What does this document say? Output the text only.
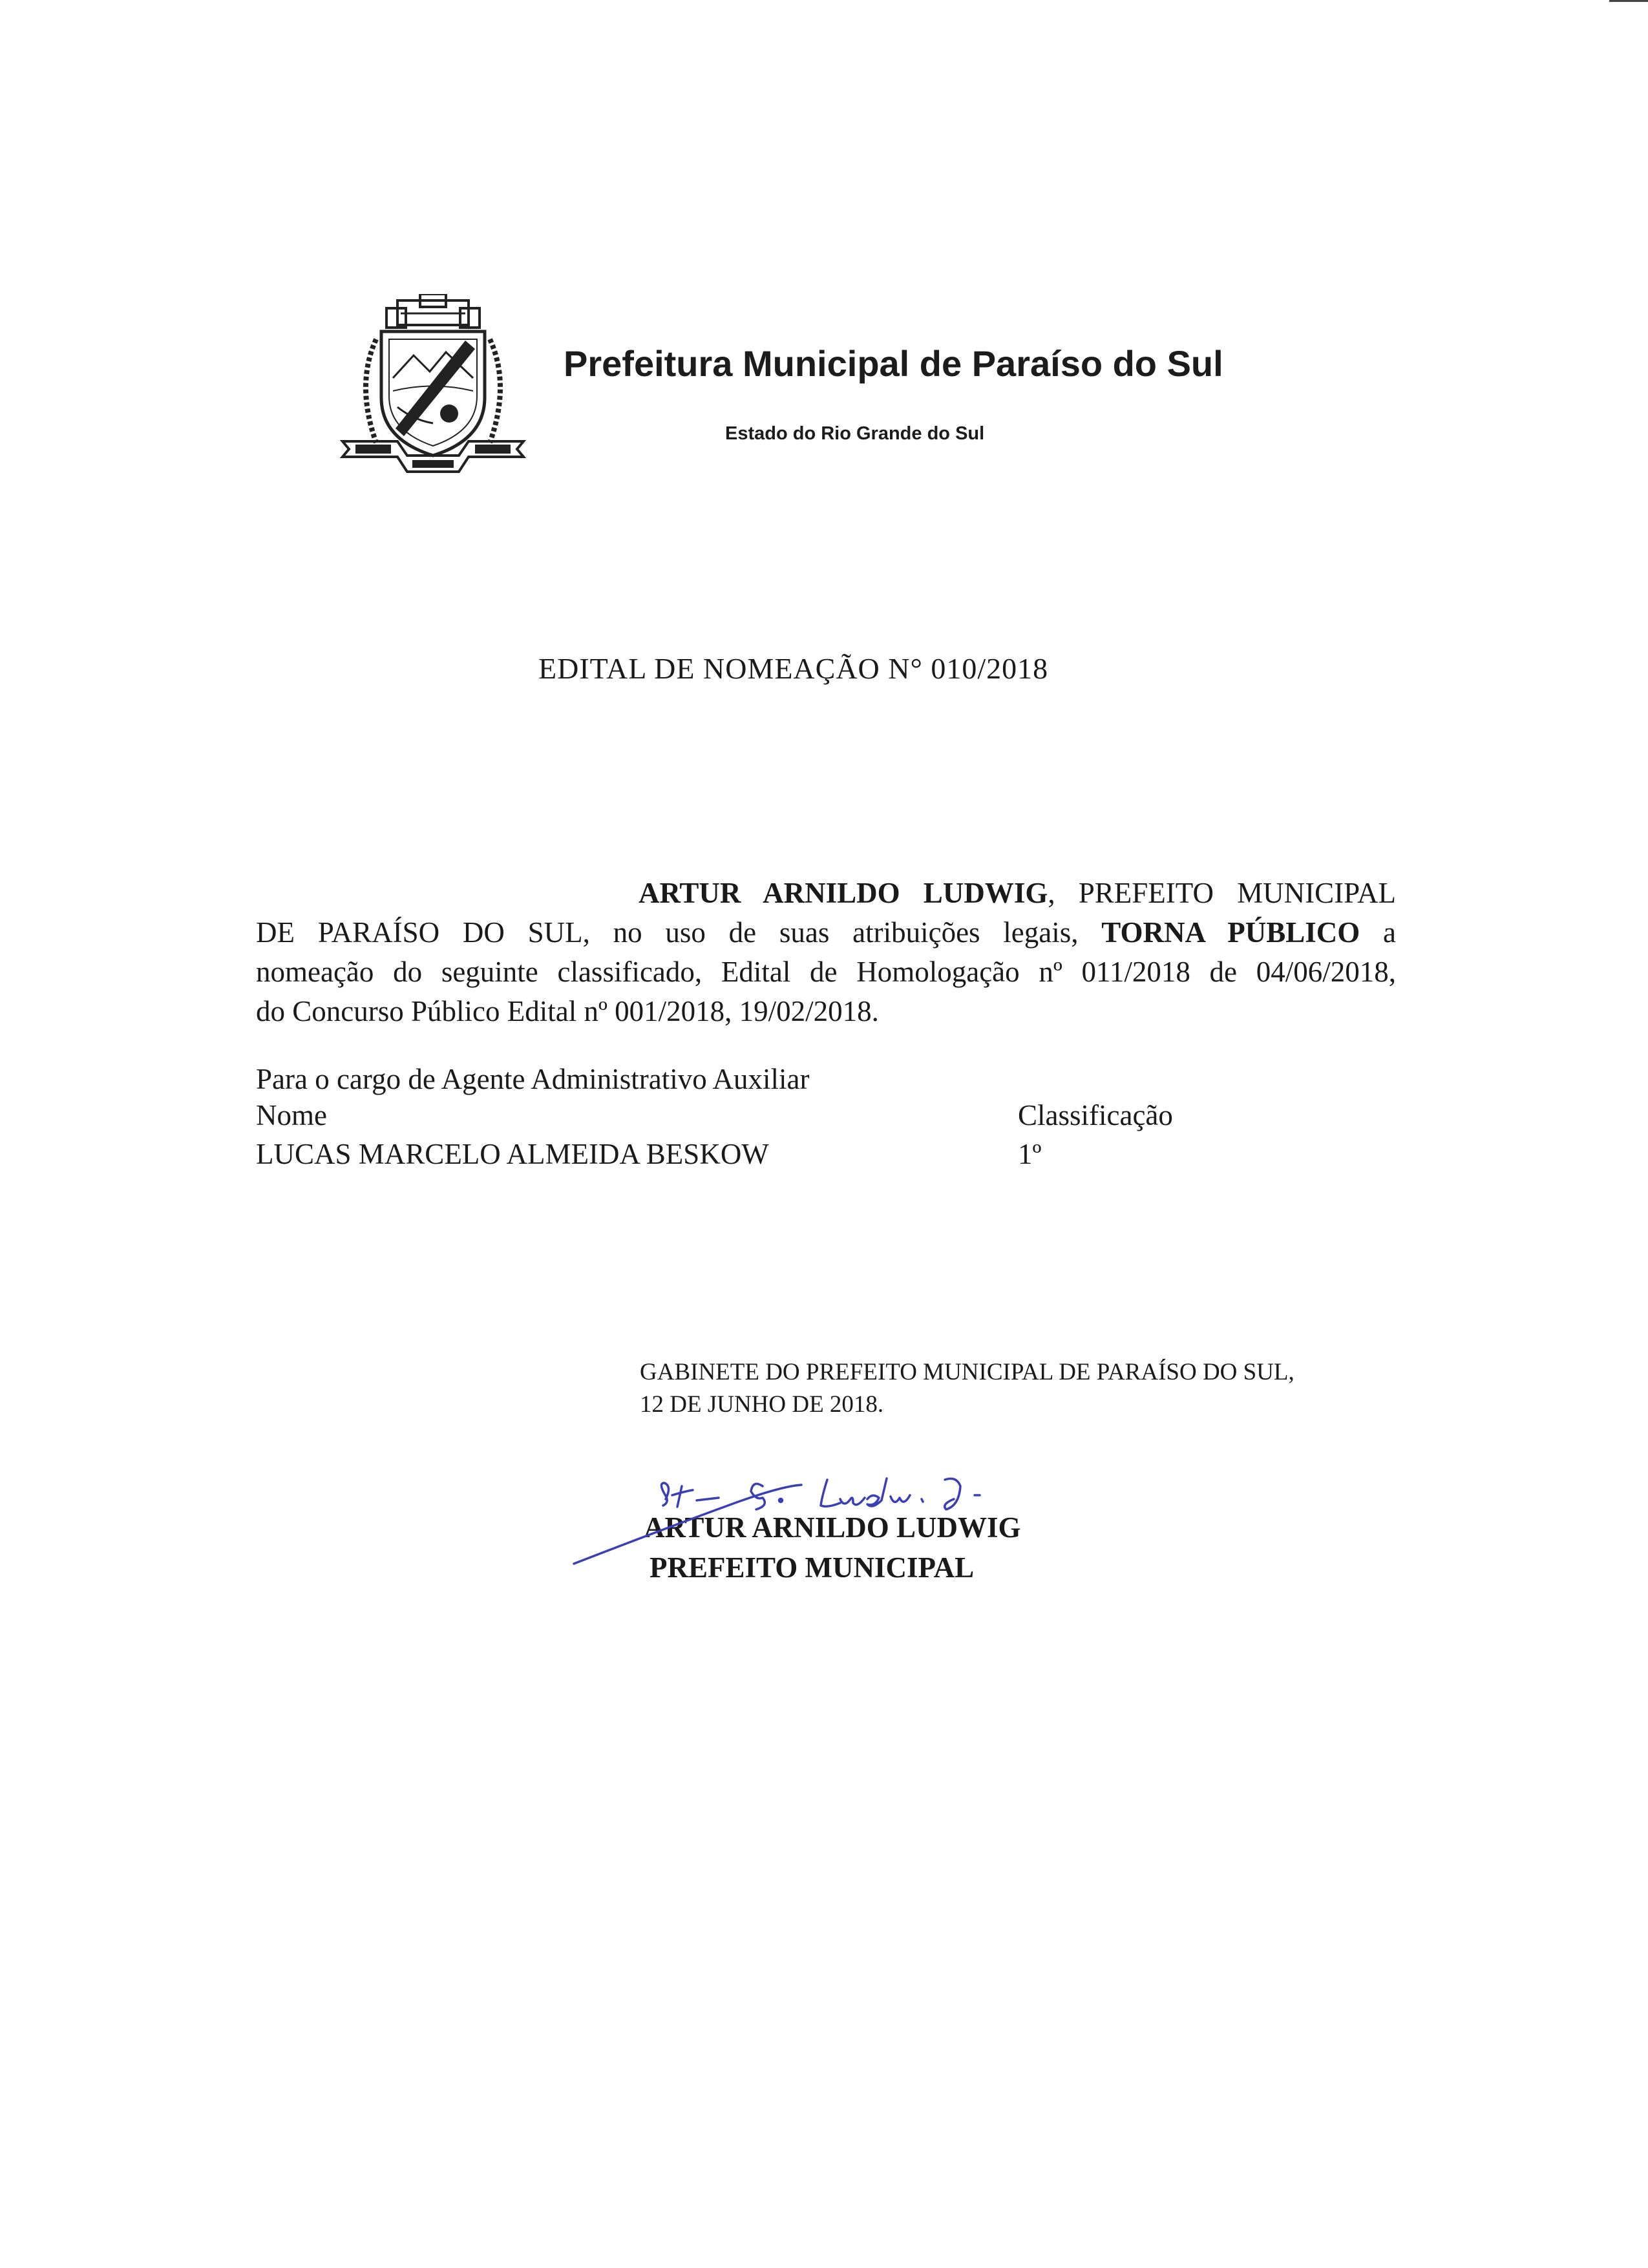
Prefeitura Municipal de Paraíso do Sul
Estado do Rio Grande do Sul
EDITAL DE NOMEAÇÃO N° 010/2018
ARTUR ARNILDO LUDWIG, PREFEITO MUNICIPAL
DE PARAÍSO DO SUL, no uso de suas atribuições legais, TORNA PÚBLICO a
nomeação do seguinte classificado, Edital de Homologação nº 011/2018 de 04/06/2018,
do Concurso Público Edital nº 001/2018, 19/02/2018.
Para o cargo de Agente Administrativo Auxiliar
Nome	Classificação
LUCAS MARCELO ALMEIDA BESKOW	1º
GABINETE DO PREFEITO MUNICIPAL DE PARAÍSO DO SUL,
12 DE JUNHO DE 2018.
ARTUR ARNILDO LUDWIG
PREFEITO MUNICIPAL
